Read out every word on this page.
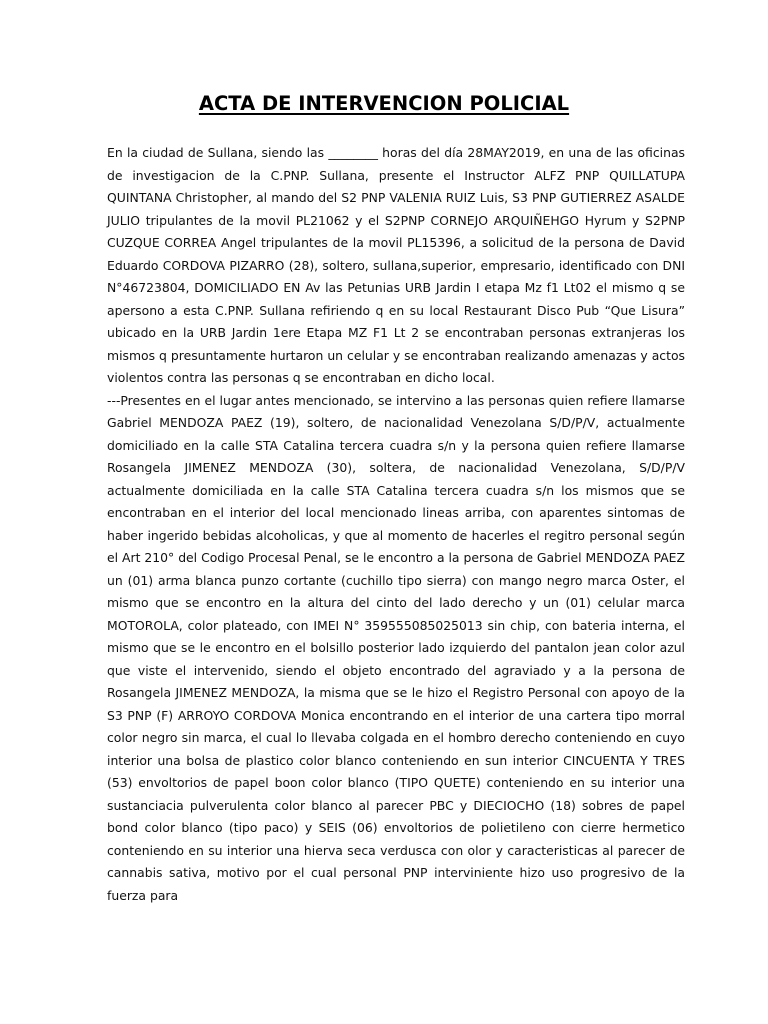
ACTA DE INTERVENCION POLICIAL

En la ciudad de Sullana, siendo las ________ horas del día 28MAY2019, en una de las oficinas de investigacion de la C.PNP. Sullana, presente el Instructor ALFZ PNP QUILLATUPA QUINTANA Christopher, al mando del S2 PNP VALENIA RUIZ Luis, S3 PNP GUTIERREZ ASALDE JULIO tripulantes de la movil PL21062 y el S2PNP CORNEJO ARQUIÑEHGO Hyrum y S2PNP CUZQUE CORREA Angel tripulantes de la movil PL15396, a solicitud de la persona de David Eduardo CORDOVA PIZARRO (28), soltero, sullana,superior, empresario, identificado con DNI N°46723804, DOMICILIADO EN Av las Petunias URB Jardin I etapa Mz f1 Lt02 el mismo q se apersono a esta C.PNP. Sullana refiriendo q en su local Restaurant Disco Pub “Que Lisura” ubicado en la URB Jardin 1ere Etapa MZ F1 Lt 2 se encontraban personas extranjeras los mismos q presuntamente hurtaron un celular y se encontraban realizando amenazas y actos violentos contra las personas q se encontraban en dicho local.

---Presentes en el lugar antes mencionado, se intervino a las personas quien refiere llamarse Gabriel MENDOZA PAEZ (19), soltero, de nacionalidad Venezolana S/D/P/V, actualmente domiciliado en la calle STA Catalina tercera cuadra s/n y la persona quien refiere llamarse Rosangela JIMENEZ MENDOZA (30), soltera, de nacionalidad Venezolana, S/D/P/V actualmente domiciliada en la calle STA Catalina tercera cuadra s/n los mismos que se encontraban en el interior del local mencionado lineas arriba, con aparentes sintomas de haber ingerido bebidas alcoholicas, y que al momento de hacerles el regitro personal según el Art 210° del Codigo Procesal Penal, se le encontro a la persona de Gabriel MENDOZA PAEZ un (01) arma blanca punzo cortante (cuchillo tipo sierra) con mango negro marca Oster, el mismo que se encontro en la altura del cinto del lado derecho y un (01) celular marca MOTOROLA, color plateado, con IMEI N° 359555085025013 sin chip, con bateria interna, el mismo que se le encontro en el bolsillo posterior lado izquierdo del pantalon jean color azul que viste el intervenido, siendo el objeto encontrado del agraviado y a la persona de Rosangela JIMENEZ MENDOZA, la misma que se le hizo el Registro Personal con apoyo de la S3 PNP (F) ARROYO CORDOVA Monica encontrando en el interior de una cartera tipo morral color negro sin marca, el cual lo llevaba colgada en el hombro derecho conteniendo en cuyo interior una bolsa de plastico color blanco conteniendo en sun interior CINCUENTA Y TRES (53) envoltorios de papel boon color blanco (TIPO QUETE) conteniendo en su interior una sustanciacia pulverulenta color blanco al parecer PBC y DIECIOCHO (18) sobres de papel bond color blanco (tipo paco) y SEIS (06) envoltorios de polietileno con cierre hermetico conteniendo en su interior una hierva seca verdusca con olor y caracteristicas al parecer de cannabis sativa, motivo por el cual personal PNP interviniente hizo uso progresivo de la fuerza para
